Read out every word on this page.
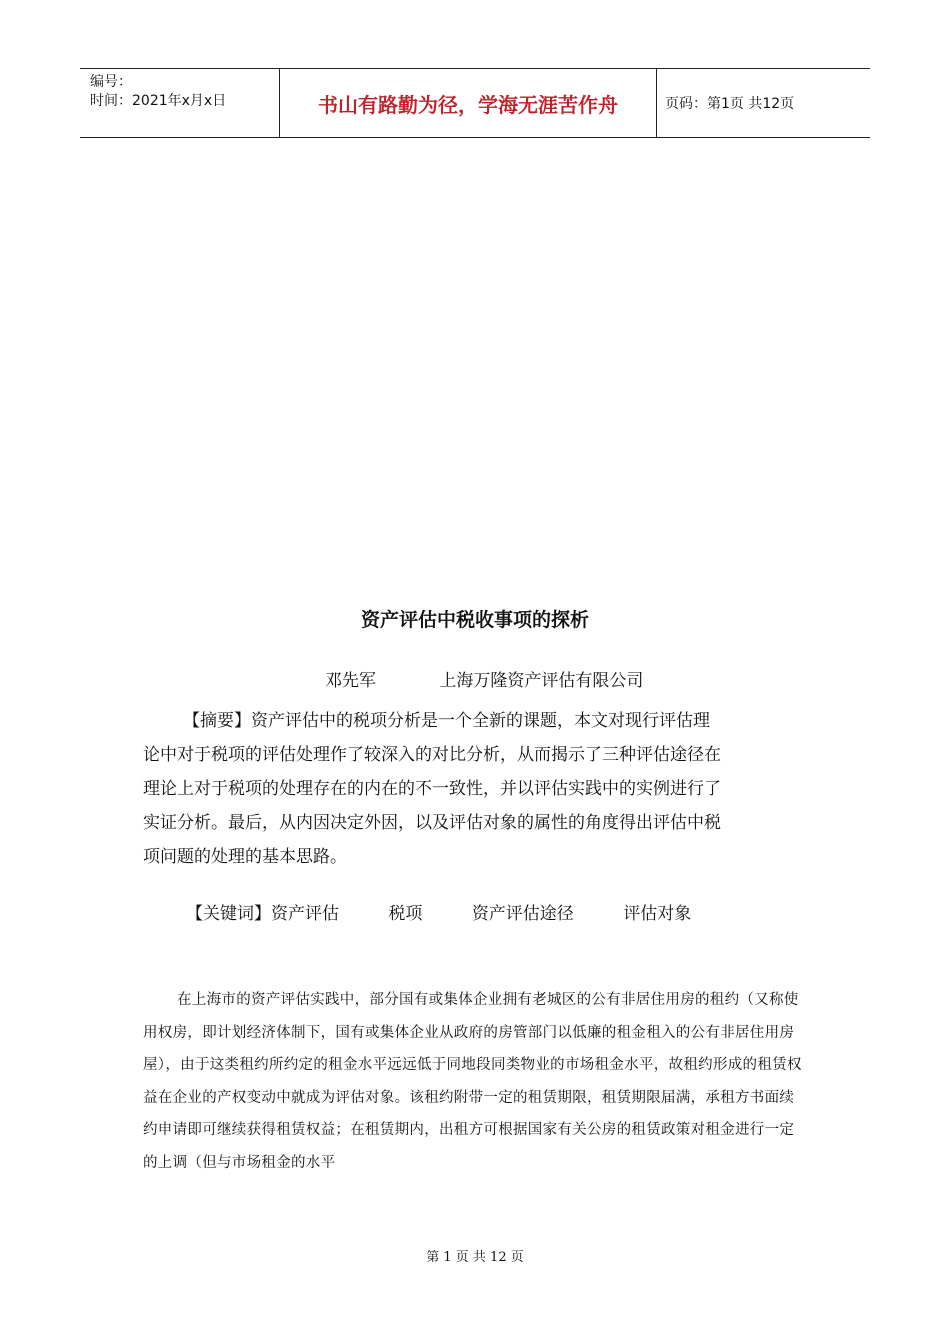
编号：
时间：2021年x月x日	书山有路勤为径，学海无涯苦作舟	页码：第1页 共12页
资产评估中税收事项的探析
邓先军	上海万隆资产评估有限公司
【摘要】资产评估中的税项分析是一个全新的课题，本文对现行评估理
论中对于税项的评估处理作了较深入的对比分析，从而揭示了三种评估途径在
理论上对于税项的处理存在的内在的不一致性，并以评估实践中的实例进行了
实证分析。最后，从内因决定外因，以及评估对象的属性的角度得出评估中税
项问题的处理的基本思路。
【关键词】资产评估	税项	资产评估途径	评估对象
在上海市的资产评估实践中，部分国有或集体企业拥有老城区的公有非居住用房的租约（又称使用权房，即计划经济体制下，国有或集体企业从政府的房管部门以低廉的租金租入的公有非居住用房屋），由于这类租约所约定的租金水平远远低于同地段同类物业的市场租金水平，故租约形成的租赁权益在企业的产权变动中就成为评估对象。该租约附带一定的租赁期限，租赁期限届满，承租方书面续约申请即可继续获得租赁权益；在租赁期内，出租方可根据国家有关公房的租赁政策对租金进行一定的上调（但与市场租金的水平
第 1 页 共 12 页
